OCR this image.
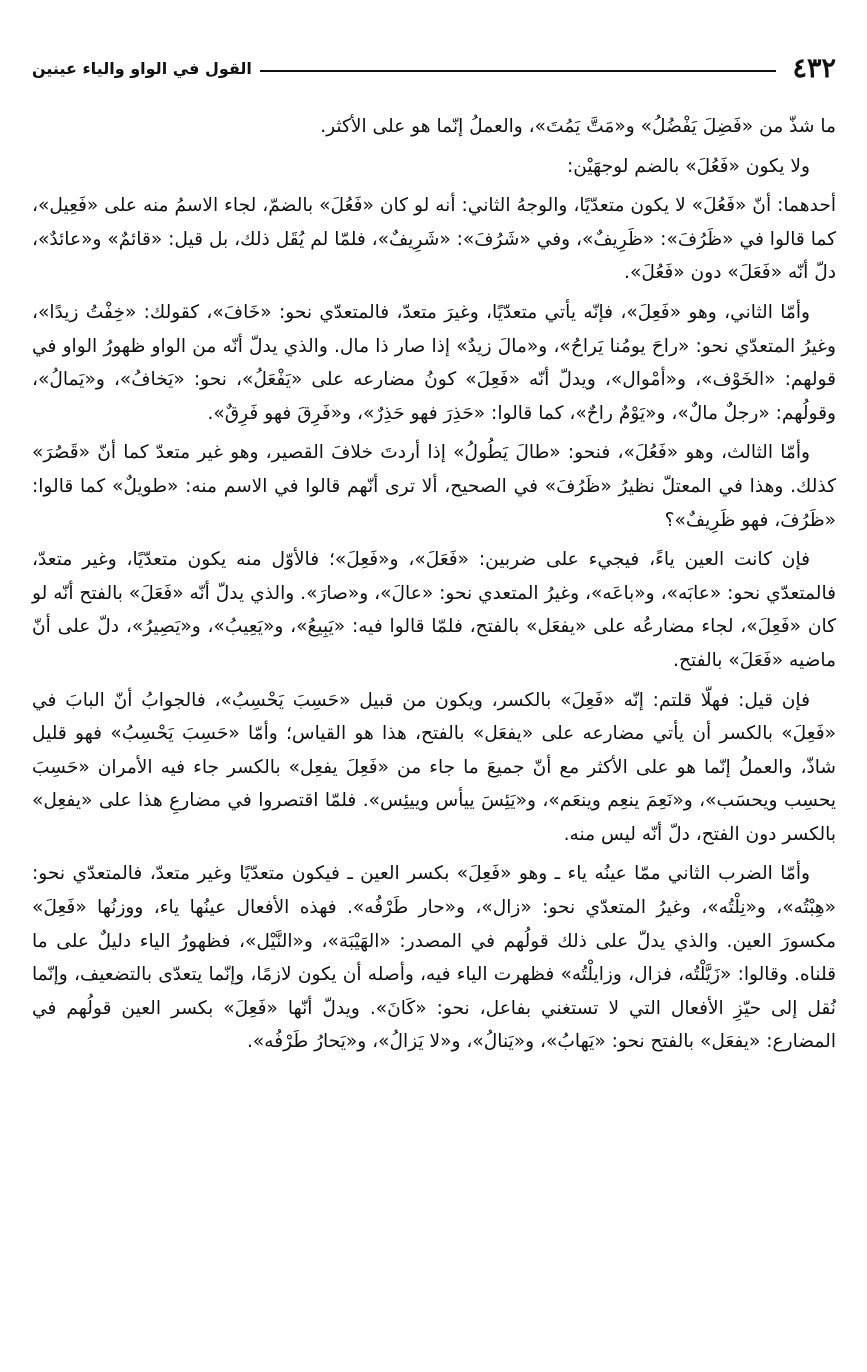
٤٣٢
القول في الواو والياء عينين

ما شذّ من «فَضِلَ يَفْضُلُ» و«مَتَّ يَمُتَ»، والعملُ إنّما هو على الأكثر.

ولا يكون «فَعُلَ» بالضم لوجهَيْن:

أحدهما: أنّ «فَعُلَ» لا يكون متعدّيًا، والوجهُ الثاني: أنه لو كان «فَعُلَ» بالضمّ، لجاء الاسمُ منه على «فَعِيل»، كما قالوا في «ظَرُفَ»: «ظَرِيفٌ»، وفي «شَرُفَ»: «شَرِيفٌ»، فلمّا لم يُقَل ذلك، بل قيل: «قائمٌ» و«عائدٌ»، دلّ أنّه «فَعَلَ» دون «فَعُلَ».

وأمّا الثاني، وهو «فَعِلَ»، فإنّه يأتي متعدّيًا، وغيرَ متعدّ، فالمتعدّي نحو: «خَافَ»، كقولك: «خِفْتُ زيدًا»، وغيرُ المتعدّي نحو: «راحَ يومُنا يَراحُ»، و«مالَ زيدٌ» إذا صار ذا مال. والذي يدلّ أنّه من الواو ظهورُ الواو في قولهم: «الخَوْف»، و«أمْوال»، ويدلّ أنّه «فَعِلَ» كونُ مضارعه على «يَفْعَلُ»، نحو: «يَخافُ»، و«يَمالُ»، وقولُهم: «رجلٌ مالٌ»، و«يَوْمٌ راحٌ»، كما قالوا: «حَذِرَ فهو حَذِرٌ»، و«فَرِقَ فهو فَرِقٌ».

وأمّا الثالث، وهو «فَعُلَ»، فنحو: «طالَ يَطُولُ» إذا أردتَ خلافَ القصير، وهو غير متعدّ كما أنّ «قَصُرَ» كذلك. وهذا في المعتلّ نظيرُ «ظَرُفَ» في الصحيح، ألا ترى أنّهم قالوا في الاسم منه: «طويلٌ» كما قالوا: «ظَرُفَ، فهو ظَرِيفٌ»؟

فإن كانت العين ياءً، فيجيء على ضربين: «فَعَلَ»، و«فَعِلَ»؛ فالأوّل منه يكون متعدّيًا، وغير متعدّ، فالمتعدّي نحو: «عابَه»، و«باعَه»، وغيرُ المتعدي نحو: «عالَ»، و«صارَ». والذي يدلّ أنّه «فَعَلَ» بالفتح أنّه لو كان «فَعِلَ»، لجاء مضارعُه على «يفعَل» بالفتح، فلمّا قالوا فيه: «يَبِيعُ»، و«يَعِيبُ»، و«يَصِيرُ»، دلّ على أنّ ماضيه «فَعَلَ» بالفتح.

فإن قيل: فهلّا قلتم: إنّه «فَعِلَ» بالكسر، ويكون من قبيل «حَسِبَ يَحْسِبُ»، فالجوابُ أنّ البابَ في «فَعِلَ» بالكسر أن يأتي مضارعه على «يفعَل» بالفتح، هذا هو القياس؛ وأمّا «حَسِبَ يَحْسِبُ» فهو قليل شاذّ، والعملُ إنّما هو على الأكثر مع أنّ جميعَ ما جاء من «فَعِلَ يفعِل» بالكسر جاء فيه الأمران «حَسِبَ يحسِب ويحسَب»، و«نَعِمَ ينعِم وينعَم»، و«يَئِسَ ييأس وييئِس». فلمّا اقتصروا في مضارعِ هذا على «يفعِل» بالكسر دون الفتح، دلّ أنّه ليس منه.

وأمّا الضرب الثاني ممّا عينُه ياء ـ وهو «فَعِلَ» بكسر العين ـ فيكون متعدّيًا وغير متعدّ، فالمتعدّي نحو: «هِبْتُه»، و«نِلْتُه»، وغيرُ المتعدّي نحو: «زال»، و«حار طَرْفُه». فهذه الأفعال عينُها ياء، ووزنُها «فَعِلَ» مكسورَ العين. والذي يدلّ على ذلك قولُهم في المصدر: «الهَيْبَة»، و«النَّيْل»، فظهورُ الياء دليلٌ على ما قلناه. وقالوا: «زَيَّلْتُه، فزال، وزايلْتُه» فظهرت الياء فيه، وأصله أن يكون لازمًا، وإنّما يتعدّى بالتضعيف، وإنّما نُقل إلى حيّزِ الأفعال التي لا تستغني بفاعل، نحو: «كَانَ». ويدلّ أنّها «فَعِلَ» بكسر العين قولُهم في المضارع: «يفعَل» بالفتح نحو: «يَهابُ»، و«يَنالُ»، و«لا يَزالُ»، و«يَحارُ طَرْفُه».
